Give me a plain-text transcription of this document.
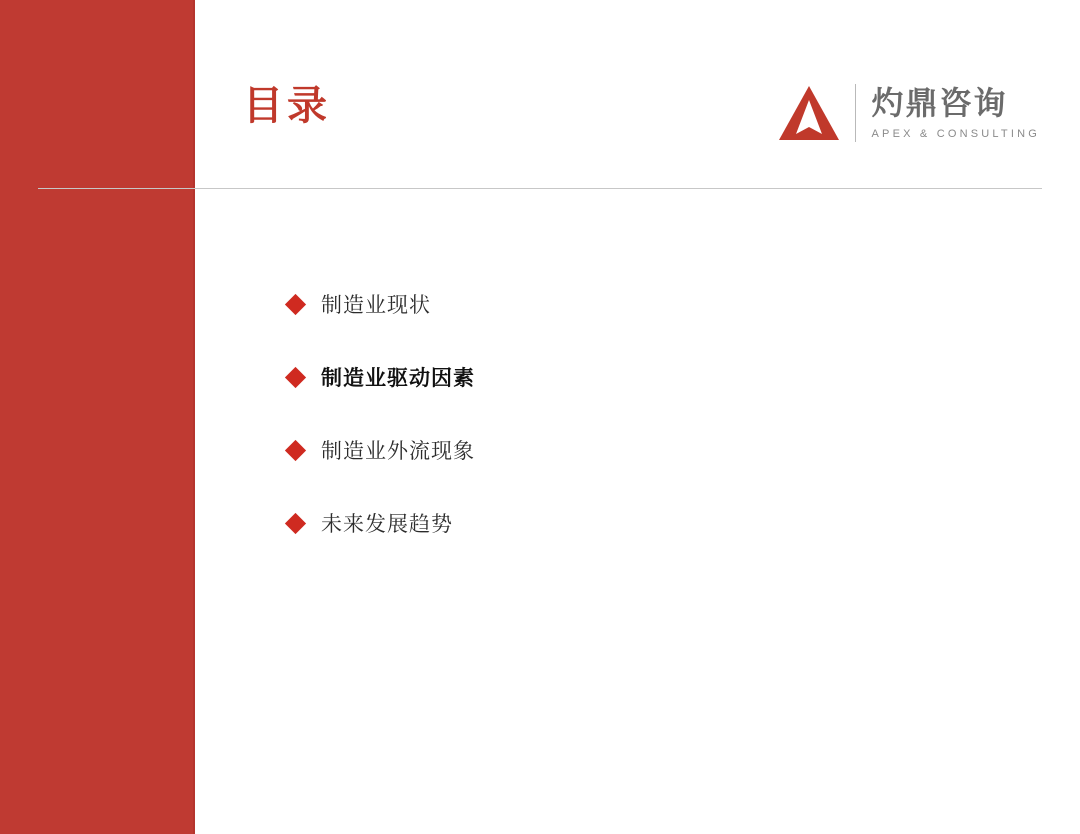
目录	灼鼎咨询
APEX & CONSULTING
制造业现状
制造业驱动因素
制造业外流现象
未来发展趋势
